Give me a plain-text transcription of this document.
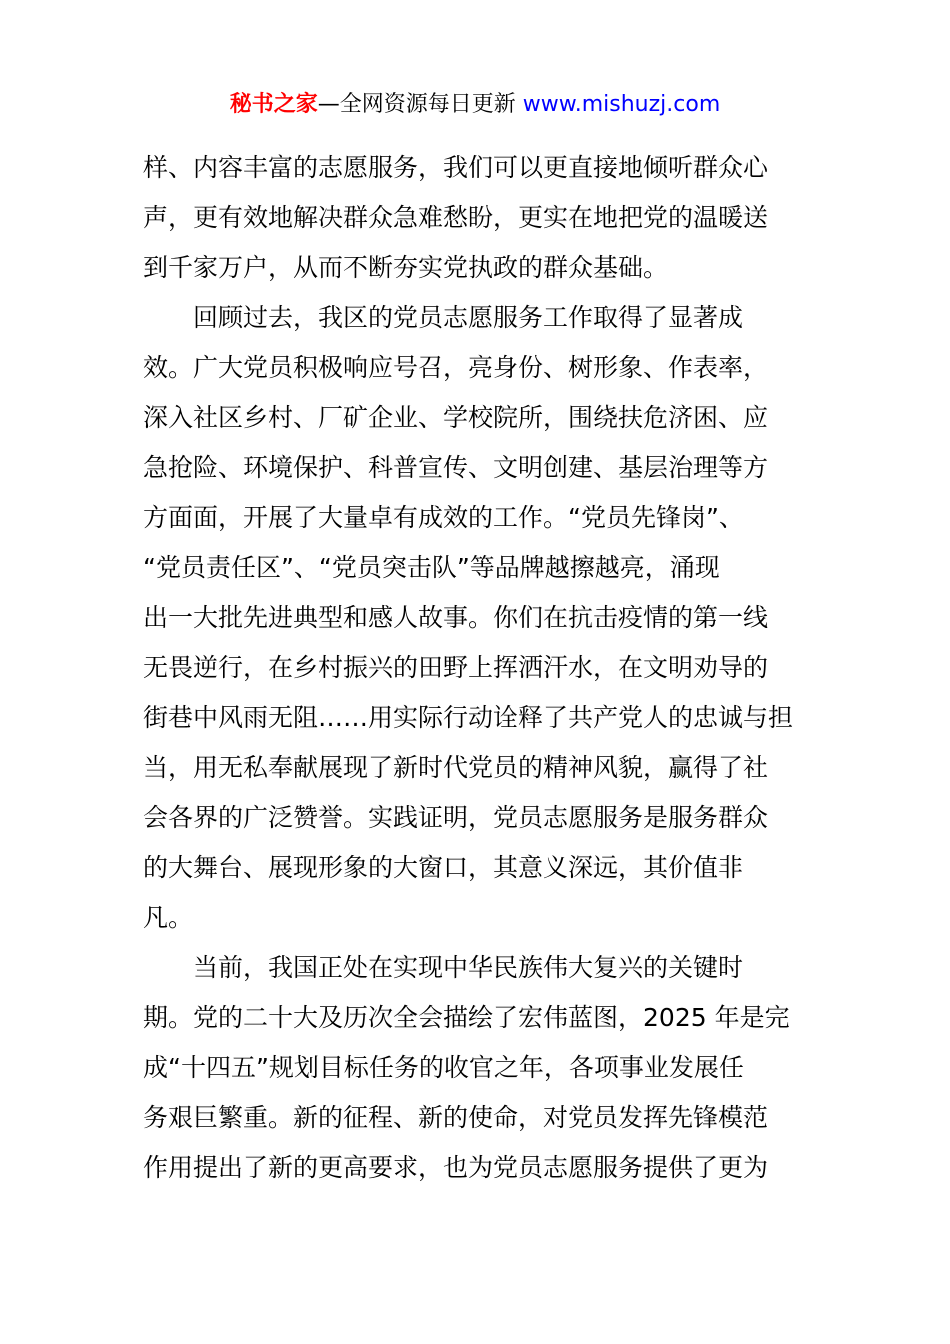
秘书之家—全网资源每日更新 www.mishuzj.com
样、内容丰富的志愿服务，我们可以更直接地倾听群众心
声，更有效地解决群众急难愁盼，更实在地把党的温暖送
到千家万户，从而不断夯实党执政的群众基础。
回顾过去，我区的党员志愿服务工作取得了显著成
效。广大党员积极响应号召，亮身份、树形象、作表率，
深入社区乡村、厂矿企业、学校院所，围绕扶危济困、应
急抢险、环境保护、科普宣传、文明创建、基层治理等方
方面面，开展了大量卓有成效的工作。“党员先锋岗”、
“党员责任区”、“党员突击队”等品牌越擦越亮，涌现
出一大批先进典型和感人故事。你们在抗击疫情的第一线
无畏逆行，在乡村振兴的田野上挥洒汗水，在文明劝导的
街巷中风雨无阻……用实际行动诠释了共产党人的忠诚与担
当，用无私奉献展现了新时代党员的精神风貌，赢得了社
会各界的广泛赞誉。实践证明，党员志愿服务是服务群众
的大舞台、展现形象的大窗口，其意义深远，其价值非
凡。
当前，我国正处在实现中华民族伟大复兴的关键时
期。党的二十大及历次全会描绘了宏伟蓝图，2025 年是完
成“十四五”规划目标任务的收官之年，各项事业发展任
务艰巨繁重。新的征程、新的使命，对党员发挥先锋模范
作用提出了新的更高要求，也为党员志愿服务提供了更为
